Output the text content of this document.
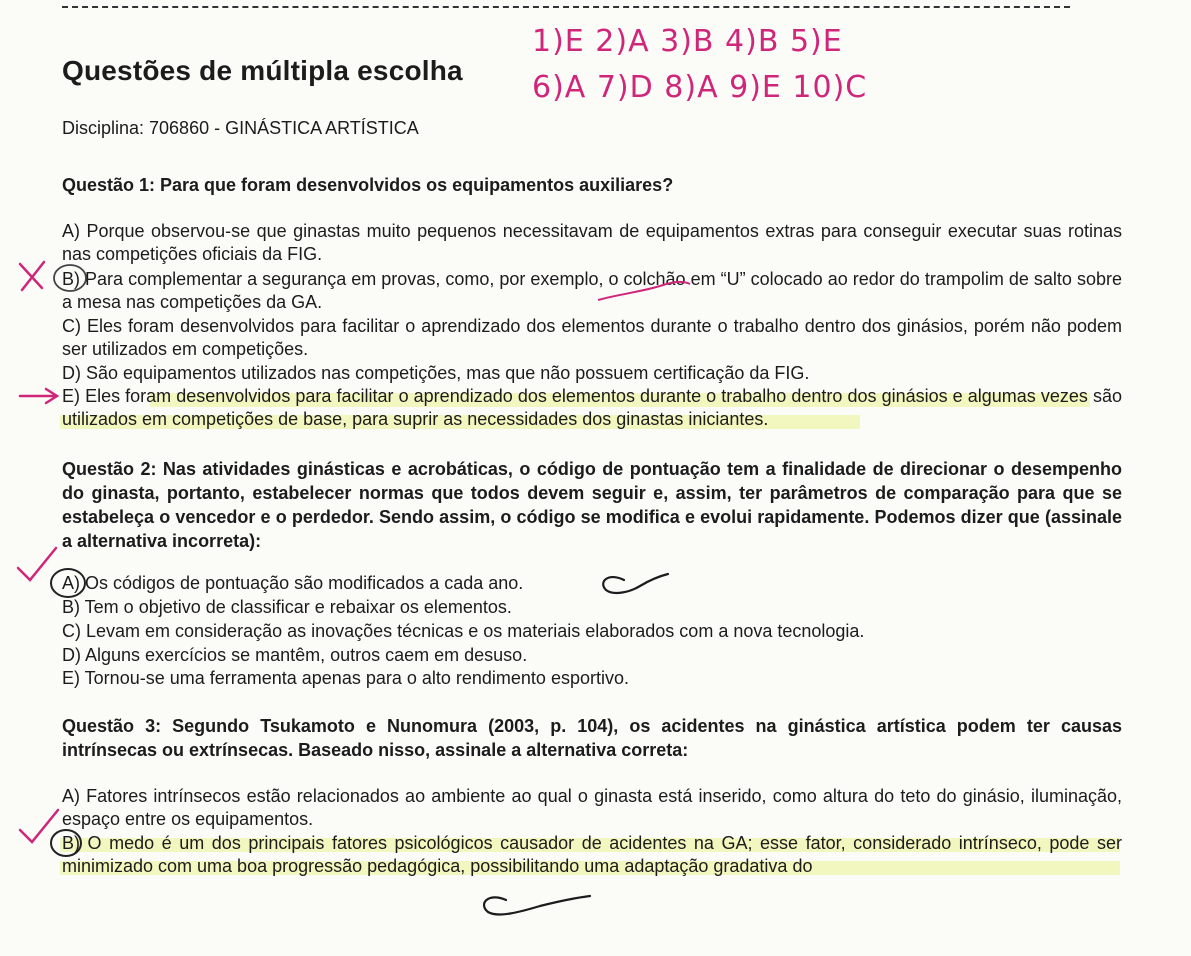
Questões de múltipla escolha
Disciplina: 706860 - GINÁSTICA ARTÍSTICA
1)E 2)A 3)B 4)B 5)E
6)A 7)D 8)A 9)E 10)C
Questão 1: Para que foram desenvolvidos os equipamentos auxiliares?
A) Porque observou-se que ginastas muito pequenos necessitavam de equipamentos extras para conseguir executar suas rotinas nas competições oficiais da FIG.
B) Para complementar a segurança em provas, como, por exemplo, o colchão em “U” colocado ao redor do trampolim de salto sobre a mesa nas competições da GA.
C) Eles foram desenvolvidos para facilitar o aprendizado dos elementos durante o trabalho dentro dos ginásios, porém não podem ser utilizados em competições.
D) São equipamentos utilizados nas competições, mas que não possuem certificação da FIG.
E) Eles foram desenvolvidos para facilitar o aprendizado dos elementos durante o trabalho dentro dos ginásios e algumas vezes são utilizados em competições de base, para suprir as necessidades dos ginastas iniciantes.
Questão 2: Nas atividades ginásticas e acrobáticas, o código de pontuação tem a finalidade de direcionar o desempenho do ginasta, portanto, estabelecer normas que todos devem seguir e, assim, ter parâmetros de comparação para que se estabeleça o vencedor e o perdedor. Sendo assim, o código se modifica e evolui rapidamente. Podemos dizer que (assinale a alternativa incorreta):
A) Os códigos de pontuação são modificados a cada ano.
B) Tem o objetivo de classificar e rebaixar os elementos.
C) Levam em consideração as inovações técnicas e os materiais elaborados com a nova tecnologia.
D) Alguns exercícios se mantêm, outros caem em desuso.
E) Tornou-se uma ferramenta apenas para o alto rendimento esportivo.
Questão 3: Segundo Tsukamoto e Nunomura (2003, p. 104), os acidentes na ginástica artística podem ter causas intrínsecas ou extrínsecas. Baseado nisso, assinale a alternativa correta:
A) Fatores intrínsecos estão relacionados ao ambiente ao qual o ginasta está inserido, como altura do teto do ginásio, iluminação, espaço entre os equipamentos.
B) O medo é um dos principais fatores psicológicos causador de acidentes na GA; esse fator, considerado intrínseco, pode ser minimizado com uma boa progressão pedagógica, possibilitando uma adaptação gradativa do
